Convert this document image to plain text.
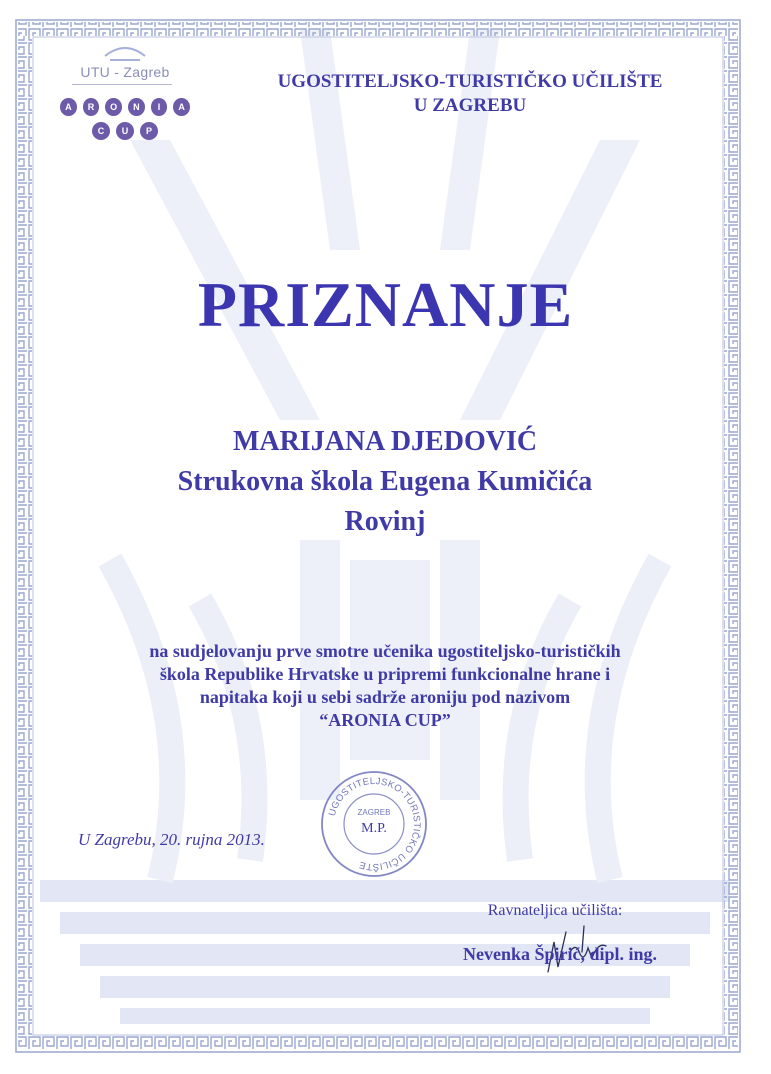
UTU - Zagreb
A	R	O	N	I	A
C	U	P
UGOSTITELJSKO-TURISTIČKO UČILIŠTE
U ZAGREBU
PRIZNANJE
MARIJANA DJEDOVIĆ
Strukovna škola Eugena Kumičića
Rovinj
na sudjelovanju prve smotre učenika ugostiteljsko-turističkih
škola Republike Hrvatske u pripremi funkcionalne hrane i
napitaka koji u sebi sadrže aroniju pod nazivom
“ARONIA CUP”
U Zagrebu, 20. rujna 2013.
UGOSTITELJSKO-TURISTIČKO UČILIŠTE
ZAGREB
M.P.
Ravnateljica učilišta:
Nevenka Špirić, dipl. ing.
